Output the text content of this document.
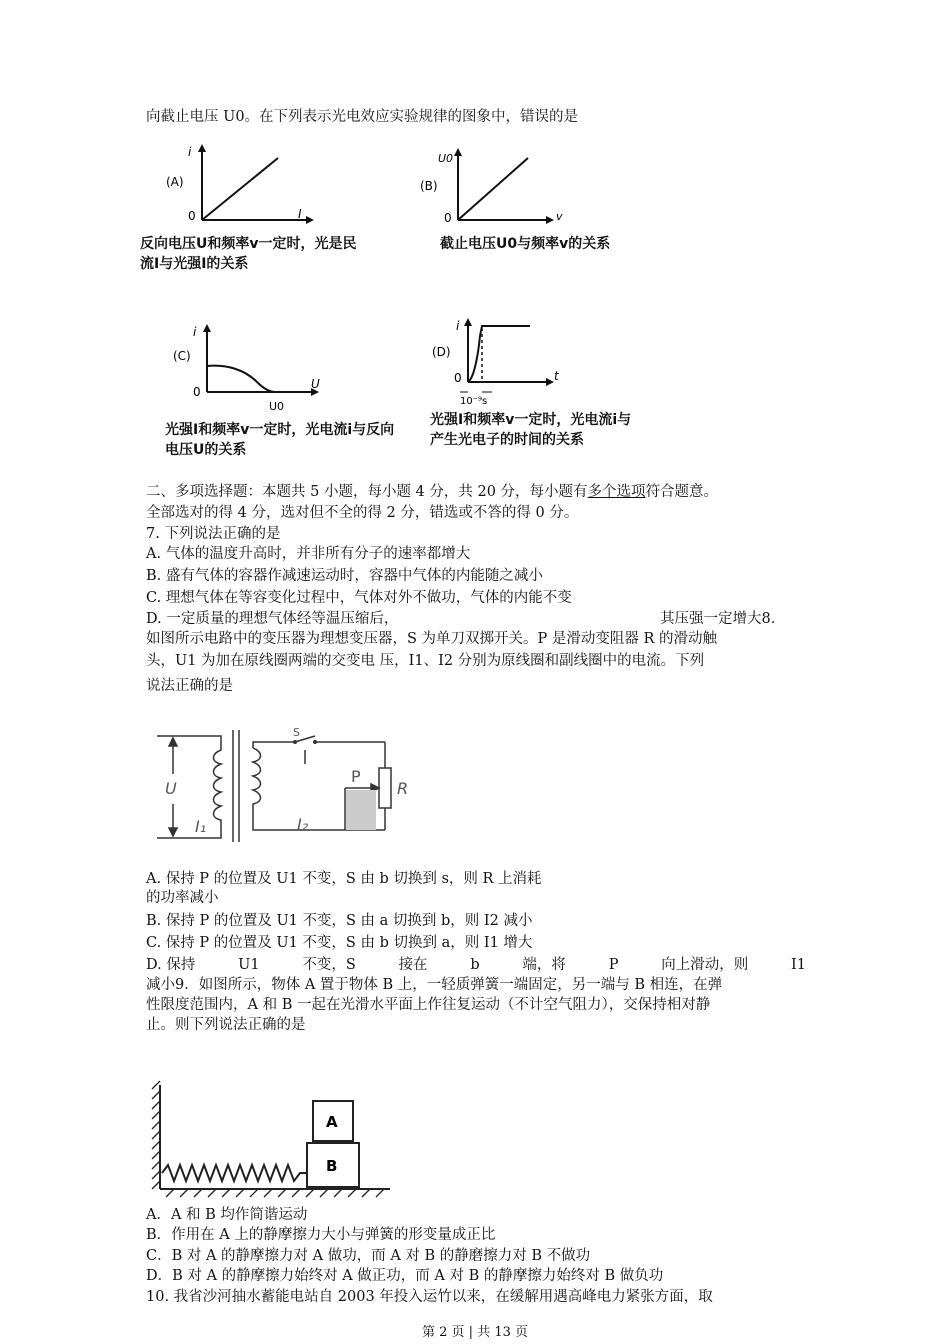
向截止电压 U0。在下列表示光电效应实验规律的图象中，错误的是
(A)
i
0	I
反向电压U和频率v一定时，光是民流I与光强I的关系
(B)
U0
0	v
截止电压U0与频率v的关系
(C)
i
0
U
U0
光强I和频率v一定时，光电流i与反向电压U的关系
(D)
i
0	t
10⁻⁹s
光强I和频率v一定时，光电流i与产生光电子的时间的关系
二、多项选择题：本题共 5 小题，每小题 4 分，共 20 分，每小题有多个选项符合题意。
全部选对的得 4 分，选对但不全的得 2 分，错选或不答的得 0 分。
7. 下列说法正确的是
A. 气体的温度升高时，并非所有分子的速率都增大
B. 盛有气体的容器作减速运动时，容器中气体的内能随之减小
C. 理想气体在等容变化过程中，气体对外不做功，气体的内能不变
D. 一定质量的理想气体经等温压缩后，	其压强一定增大8.
如图所示电路中的变压器为理想变压器，S 为单刀双掷开关。P 是滑动变阻器 R 的滑动触
头，U1 为加在原线圈两端的交变电 压，I1、I2 分别为原线圈和副线圈中的电流。下列
说法正确的是
U
I₁	I₂
P
R
S
A. 保持 P 的位置及 U1 不变，S 由 b 切换到 s，则 R 上消耗
的功率减小
B. 保持 P 的位置及 U1 不变，S 由 a 切换到 b，则 I2 减小
C. 保持 P 的位置及 U1 不变，S 由 b 切换到 a，则 I1 增大
D. 保持	U1	不变，S	接在	b	端，将	P	向上滑动，则	I1
减小9．如图所示，物体 A 置于物体 B 上，一轻质弹簧一端固定，另一端与 B 相连，在弹
性限度范围内，A 和 B 一起在光滑水平面上作往复运动（不计空气阻力），交保持相对静
止。则下列说法正确的是
A
B
A．A 和 B 均作简谐运动
B．作用在 A 上的静摩擦力大小与弹簧的形变量成正比
C．B 对 A 的静摩擦力对 A 做功，而 A 对 B 的静磨擦力对 B 不做功
D．B 对 A 的静摩擦力始终对 A 做正功，而 A 对 B 的静摩擦力始终对 B 做负功
10. 我省沙河抽水蓄能电站自 2003 年投入运竹以来，在缓解用遇高峰电力紧张方面，取
第 2 页 | 共 13 页
